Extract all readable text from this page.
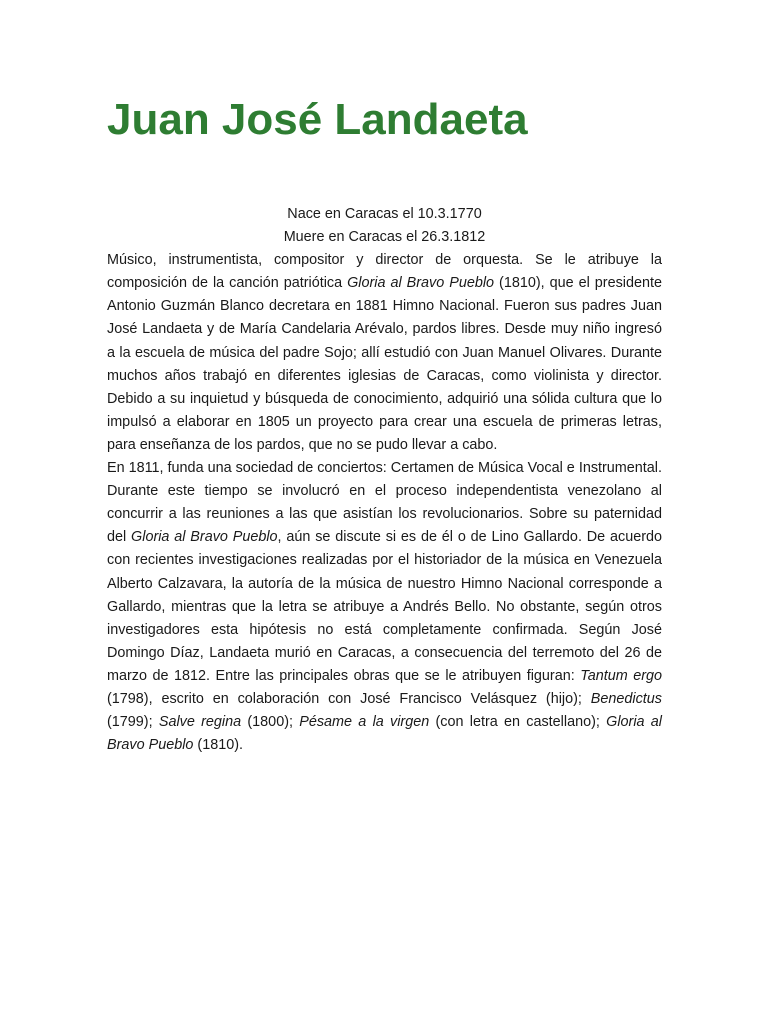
Juan José Landaeta

Nace en Caracas el 10.3.1770

Muere en Caracas el 26.3.1812

Músico, instrumentista, compositor y director de orquesta. Se le atribuye la composición de la canción patriótica Gloria al Bravo Pueblo (1810), que el presidente Antonio Guzmán Blanco decretara en 1881 Himno Nacional. Fueron sus padres Juan José Landaeta y de María Candelaria Arévalo, pardos libres. Desde muy niño ingresó a la escuela de música del padre Sojo; allí estudió con Juan Manuel Olivares. Durante muchos años trabajó en diferentes iglesias de Caracas, como violinista y director. Debido a su inquietud y búsqueda de conocimiento, adquirió una sólida cultura que lo impulsó a elaborar en 1805 un proyecto para crear una escuela de primeras letras, para enseñanza de los pardos, que no se pudo llevar a cabo.

En 1811, funda una sociedad de conciertos: Certamen de Música Vocal e Instrumental. Durante este tiempo se involucró en el proceso independentista venezolano al concurrir a las reuniones a las que asistían los revolucionarios. Sobre su paternidad del Gloria al Bravo Pueblo, aún se discute si es de él o de Lino Gallardo. De acuerdo con recientes investigaciones realizadas por el historiador de la música en Venezuela Alberto Calzavara, la autoría de la música de nuestro Himno Nacional corresponde a Gallardo, mientras que la letra se atribuye a Andrés Bello. No obstante, según otros investigadores esta hipótesis no está completamente confirmada. Según José Domingo Díaz, Landaeta murió en Caracas, a consecuencia del terremoto del 26 de marzo de 1812. Entre las principales obras que se le atribuyen figuran: Tantum ergo (1798), escrito en colaboración con José Francisco Velásquez (hijo); Benedictus (1799); Salve regina (1800); Pésame a la virgen (con letra en castellano); Gloria al Bravo Pueblo (1810).
